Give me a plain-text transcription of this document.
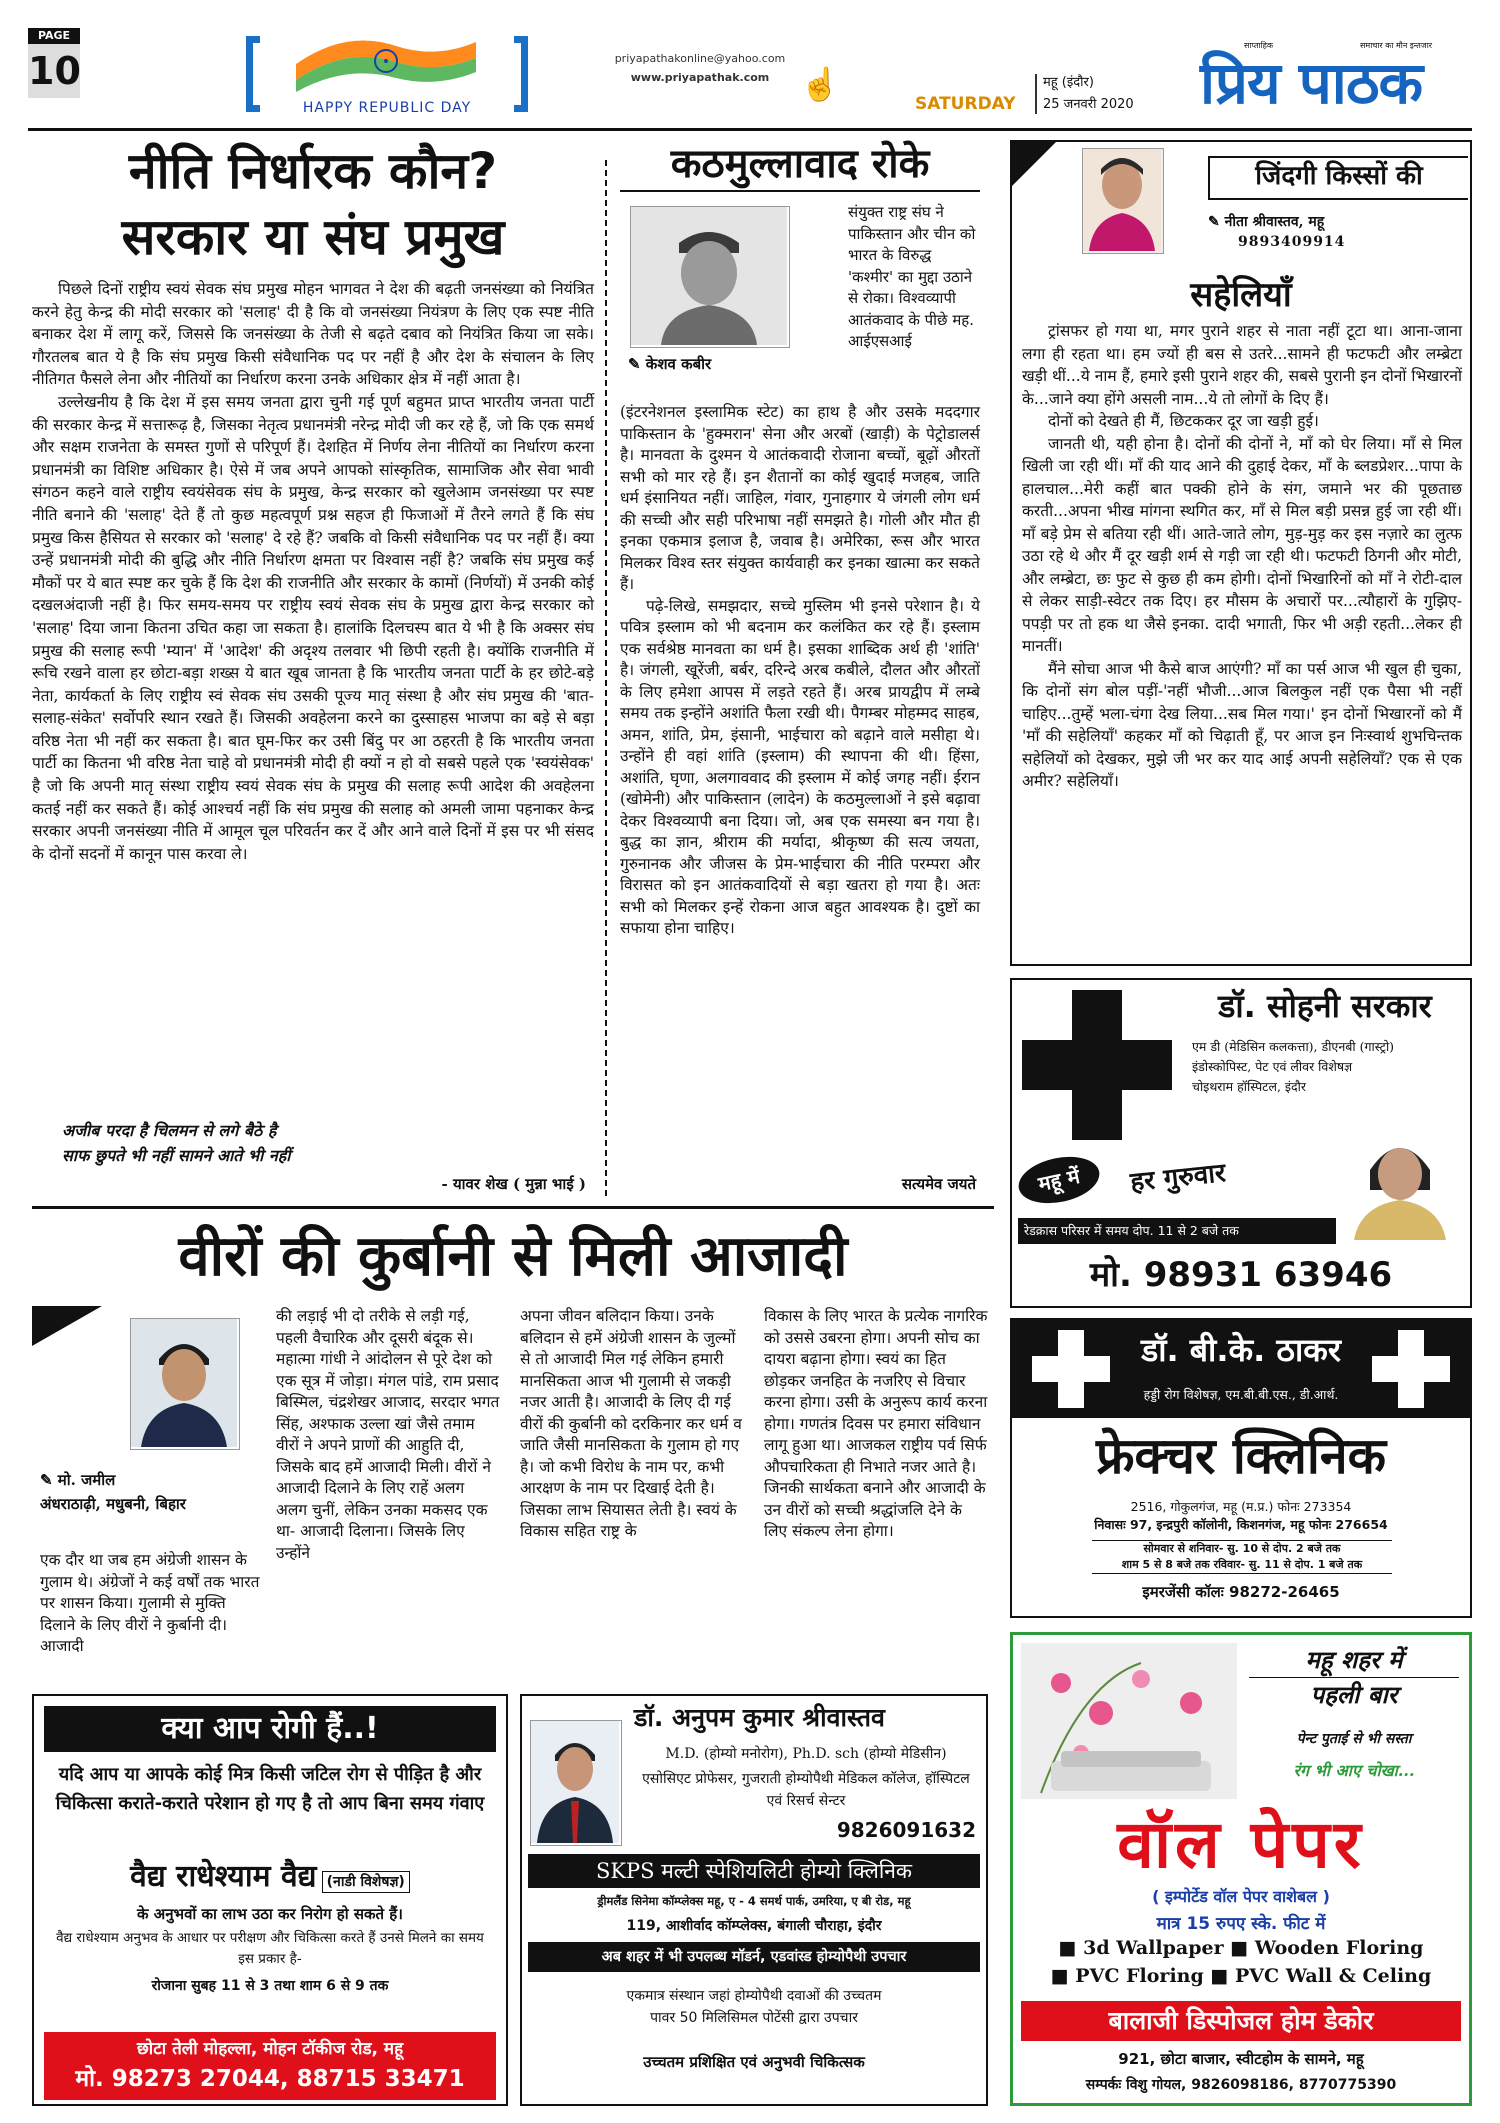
PAGE
10
HAPPY REPUBLIC DAY
priyapathakonline@yahoo.com
www.priyapathak.com ☝
SATURDAY
महू (इंदौर)
25 जनवरी 2020
साप्ताहिक	समाचार का मौन इन्तजार
प्रिय पाठक
नीति निर्धारक कौन?
सरकार या संघ प्रमुख

पिछले दिनों राष्ट्रीय स्वयं सेवक संघ प्रमुख मोहन भागवत ने देश की बढ़ती जनसंख्या को नियंत्रित करने हेतु केन्द्र की मोदी सरकार को 'सलाह' दी है कि वो जनसंख्या नियंत्रण के लिए एक स्पष्ट नीति बनाकर देश में लागू करें, जिससे कि जनसंख्या के तेजी से बढ़ते दबाव को नियंत्रित किया जा सके। गौरतलब बात ये है कि संघ प्रमुख किसी संवैधानिक पद पर नहीं है और देश के संचालन के लिए नीतिगत फैसले लेना और नीतियों का निर्धारण करना उनके अधिकार क्षेत्र में नहीं आता है।

उल्लेखनीय है कि देश में इस समय जनता द्वारा चुनी गई पूर्ण बहुमत प्राप्त भारतीय जनता पार्टी की सरकार केन्द्र में सत्तारूढ़ है, जिसका नेतृत्व प्रधानमंत्री नरेन्द्र मोदी जी कर रहे हैं, जो कि एक समर्थ और सक्षम राजनेता के समस्त गुणों से परिपूर्ण हैं। देशहित में निर्णय लेना नीतियों का निर्धारण करना प्रधानमंत्री का विशिष्ट अधिकार है। ऐसे में जब अपने आपको सांस्कृतिक, सामाजिक और सेवा भावी संगठन कहने वाले राष्ट्रीय स्वयंसेवक संघ के प्रमुख, केन्द्र सरकार को खुलेआम जनसंख्या पर स्पष्ट नीति बनाने की 'सलाह' देते हैं तो कुछ महत्वपूर्ण प्रश्न सहज ही फिजाओं में तैरने लगते हैं कि संघ प्रमुख किस हैसियत से सरकार को 'सलाह' दे रहे हैं? जबकि वो किसी संवैधानिक पद पर नहीं हैं। क्या उन्हें प्रधानमंत्री मोदी की बुद्धि और नीति निर्धारण क्षमता पर विश्वास नहीं है? जबकि संघ प्रमुख कई मौकों पर ये बात स्पष्ट कर चुके हैं कि देश की राजनीति और सरकार के कामों (निर्णयों) में उनकी कोई दखलअंदाजी नहीं है। फिर समय-समय पर राष्ट्रीय स्वयं सेवक संघ के प्रमुख द्वारा केन्द्र सरकार को 'सलाह' दिया जाना कितना उचित कहा जा सकता है। हालांकि दिलचस्प बात ये भी है कि अक्सर संघ प्रमुख की सलाह रूपी 'म्यान' में 'आदेश' की अदृश्य तलवार भी छिपी रहती है। क्योंकि राजनीति में रूचि रखने वाला हर छोटा-बड़ा शख्स ये बात खूब जानता है कि भारतीय जनता पार्टी के हर छोटे-बड़े नेता, कार्यकर्ता के लिए राष्ट्रीय स्वं सेवक संघ उसकी पूज्य मातृ संस्था है और संघ प्रमुख की 'बात-सलाह-संकेत' सर्वोपरि स्थान रखते हैं। जिसकी अवहेलना करने का दुस्साहस भाजपा का बड़े से बड़ा वरिष्ठ नेता भी नहीं कर सकता है। बात घूम-फिर कर उसी बिंदु पर आ ठहरती है कि भारतीय जनता पार्टी का कितना भी वरिष्ठ नेता चाहे वो प्रधानमंत्री मोदी ही क्यों न हो वो सबसे पहले एक 'स्वयंसेवक' है जो कि अपनी मातृ संस्था राष्ट्रीय स्वयं सेवक संघ के प्रमुख की सलाह रूपी आदेश की अवहेलना कतई नहीं कर सकते हैं। कोई आश्चर्य नहीं कि संघ प्रमुख की सलाह को अमली जामा पहनाकर केन्द्र सरकार अपनी जनसंख्या नीति में आमूल चूल परिवर्तन कर दें और आने वाले दिनों में इस पर भी संसद के दोनों सदनों में कानून पास करवा ले।

अजीब परदा है चिलमन से लगे बैठे है
साफ छुपते भी नहीं सामने आते भी नहीं
- यावर शेख ( मुन्ना भाई )
कठमुल्लावाद रोके
✎ केशव कबीर
संयुक्त राष्ट्र संघ ने पाकिस्तान और चीन को भारत के विरुद्ध 'कश्मीर' का मुद्दा उठाने से रोका। विश्वव्यापी आतंकवाद के पीछे मह. आईएसआई

(इंटरनेशनल इस्लामिक स्टेट) का हाथ है और उसके मददगार पाकिस्तान के 'हुक्मरान' सेना और अरबों (खाड़ी) के पेट्रोडालर्स है। मानवता के दुश्मन ये आतंकवादी रोजाना बच्चों, बूढ़ों औरतों सभी को मार रहे हैं। इन शैतानों का कोई खुदाई मजहब, जाति धर्म इंसानियत नहीं। जाहिल, गंवार, गुनाहगार ये जंगली लोग धर्म की सच्ची और सही परिभाषा नहीं समझते है। गोली और मौत ही इनका एकमात्र इलाज है, जवाब है। अमेरिका, रूस और भारत मिलकर विश्व स्तर संयुक्त कार्यवाही कर इनका खात्मा कर सकते हैं।

पढ़े-लिखे, समझदार, सच्चे मुस्लिम भी इनसे परेशान है। ये पवित्र इस्लाम को भी बदनाम कर कलंकित कर रहे हैं। इस्लाम एक सर्वश्रेष्ठ मानवता का धर्म है। इसका शाब्दिक अर्थ ही 'शांति' है। जंगली, खूरेंजी, बर्बर, दरिन्दे अरब कबीले, दौलत और औरतों के लिए हमेशा आपस में लड़ते रहते हैं। अरब प्रायद्वीप में लम्बे समय तक इन्होंने अशांति फैला रखी थी। पैगम्बर मोहम्मद साहब, अमन, शांति, प्रेम, इंसानी, भाईचारा को बढ़ाने वाले मसीहा थे। उन्होंने ही वहां शांति (इस्लाम) की स्थापना की थी। हिंसा, अशांति, घृणा, अलगाववाद की इस्लाम में कोई जगह नहीं। ईरान (खोमेनी) और पाकिस्तान (लादेन) के कठमुल्लाओं ने इसे बढ़ावा देकर विश्वव्यापी बना दिया। जो, अब एक समस्या बन गया है। बुद्ध का ज्ञान, श्रीराम की मर्यादा, श्रीकृष्ण की सत्य जयता, गुरुनानक और जीजस के प्रेम-भाईचारा की नीति परम्परा और विरासत को इन आतंकवादियों से बड़ा खतरा हो गया है। अतः सभी को मिलकर इन्हें रोकना आज बहुत आवश्यक है। दुष्टों का सफाया होना चाहिए।

सत्यमेव जयते
जिंदगी किस्सों की
✎ नीता श्रीवास्तव, महू
9893409914
सहेलियाँ

ट्रांसफर हो गया था, मगर पुराने शहर से नाता नहीं टूटा था। आना-जाना लगा ही रहता था। हम ज्यों ही बस से उतरे...सामने ही फटफटी और लम्ब्रेटा खड़ी थीं...ये नाम हैं, हमारे इसी पुराने शहर की, सबसे पुरानी इन दोनों भिखारनों के...जाने क्या होंगे असली नाम...ये तो लोगों के दिए हैं।

दोनों को देखते ही मैं, छिटककर दूर जा खड़ी हुई।

जानती थी, यही होना है। दोनों की दोनों ने, माँ को घेर लिया। माँ से मिल खिली जा रही थीं। माँ की याद आने की दुहाई देकर, माँ के ब्लडप्रेशर...पापा के हालचाल...मेरी कहीं बात पक्की होने के संग, जमाने भर की पूछताछ करती...अपना भीख मांगना स्थगित कर, माँ से मिल बड़ी प्रसन्न हुई जा रही थीं। माँ बड़े प्रेम से बतिया रही थीं। आते-जाते लोग, मुड़-मुड़ कर इस नज़ारे का लुत्फ उठा रहे थे और मैं दूर खड़ी शर्म से गड़ी जा रही थी। फटफटी ठिगनी और मोटी, और लम्ब्रेटा, छः फुट से कुछ ही कम होगी। दोनों भिखारिनों को माँ ने रोटी-दाल से लेकर साड़ी-स्वेटर तक दिए। हर मौसम के अचारों पर...त्यौहारों के गुझिए-पपड़ी पर तो हक था जैसे इनका. दादी भगाती, फिर भी अड़ी रहती...लेकर ही मानतीं।

मैंने सोचा आज भी कैसे बाज आएंगी? माँ का पर्स आज भी खुल ही चुका, कि दोनों संग बोल पड़ीं-'नहीं भौजी...आज बिलकुल नहीं एक पैसा भी नहीं चाहिए...तुम्हें भला-चंगा देख लिया...सब मिल गया।' इन दोनों भिखारनों को मैं 'माँ की सहेलियाँ' कहकर माँ को चिढ़ाती हूँ, पर आज इन निःस्वार्थ शुभचिन्तक सहेलियों को देखकर, मुझे जी भर कर याद आई अपनी सहेलियाँ? एक से एक अमीर? सहेलियाँ।

डॉ. सोहनी सरकार
एम डी (मेडिसिन कलकत्ता), डीएनबी (गास्ट्रो)
इंडोस्कोपिस्ट, पेट एवं लीवर विशेषज्ञ
चोइथराम हॉस्पिटल, इंदौर
महू में	हर गुरुवार
रेडक्रास परिसर में समय दोप. 11 से 2 बजे तक
मो. 98931 63946
वीरों की कुर्बानी से मिली आजादी
✎ मो. जमील
अंधराठाढ़ी, मधुबनी, बिहार
एक दौर था जब हम अंग्रेजी शासन के गुलाम थे। अंग्रेजों ने कई वर्षों तक भारत पर शासन किया। गुलामी से मुक्ति दिलाने के लिए वीरों ने कुर्बानी दी। आजादी
की लड़ाई भी दो तरीके से लड़ी गई, पहली वैचारिक और दूसरी बंदूक से। महात्मा गांधी ने आंदोलन से पूरे देश को एक सूत्र में जोड़ा। मंगल पांडे, राम प्रसाद बिस्मिल, चंद्रशेखर आजाद, सरदार भगत सिंह, अश्फाक उल्ला खां जैसे तमाम वीरों ने अपने प्राणों की आहुति दी, जिसके बाद हमें आजादी मिली। वीरों ने आजादी दिलाने के लिए राहें अलग अलग चुनीं, लेकिन उनका मकसद एक था- आजादी दिलाना। जिसके लिए उन्होंने
अपना जीवन बलिदान किया। उनके बलिदान से हमें अंग्रेजी शासन के जुल्मों से तो आजादी मिल गई लेकिन हमारी मानसिकता आज भी गुलामी से जकड़ी नजर आती है। आजादी के लिए दी गई वीरों की कुर्बानी को दरकिनार कर धर्म व जाति जैसी मानसिकता के गुलाम हो गए है। जो कभी विरोध के नाम पर, कभी आरक्षण के नाम पर दिखाई देती है।
जिसका लाभ सियासत लेती है। स्वयं के विकास सहित राष्ट्र के
विकास के लिए भारत के प्रत्येक नागरिक को उससे उबरना होगा। अपनी सोच का दायरा बढ़ाना होगा। स्वयं का हित छोड़कर जनहित के नजरिए से विचार करना होगा। उसी के अनुरूप कार्य करना होगा। गणतंत्र दिवस पर हमारा संविधान लागू हुआ था। आजकल राष्ट्रीय पर्व सिर्फ औपचारिकता ही निभाते नजर आते है। जिनकी सार्थकता बनाने और आजादी के उन वीरों को सच्ची श्रद्धांजलि देने के लिए संकल्प लेना होगा।
डॉ. बी.के. ठाकर
हड्डी रोग विशेषज्ञ, एम.बी.बी.एस., डी.आर्थ.
फ्रेक्चर क्लिनिक
2516, गोकुलगंज, महू (म.प्र.) फोनः 273354
निवासः 97, इन्द्रपुरी कॉलोनी, किशनगंज, महू फोनः 276654
सोमवार से शनिवार- सु. 10 से दोप. 2 बजे तक
शाम 5 से 8 बजे तक रविवार- सु. 11 से दोप. 1 बजे तक
इमरजेंसी कॉलः 98272-26465
क्या आप रोगी हैं..!
यदि आप या आपके कोई मित्र किसी जटिल रोग से पीड़ित है और चिकित्सा कराते-कराते परेशान हो गए है तो आप बिना समय गंवाए
वैद्य राधेश्याम वैद्य (नाडी विशेषज्ञ)
के अनुभवों का लाभ उठा कर निरोग हो सकते हैं।
वैद्य राधेश्याम अनुभव के आधार पर परीक्षण और चिकित्सा करते हैं उनसे मिलने का समय इस प्रकार है-
रोजाना सुबह 11 से 3 तथा शाम 6 से 9 तक
छोटा तेली मोहल्ला, मोहन टॉकीज रोड, महू
मो. 98273 27044, 88715 33471
डॉ. अनुपम कुमार श्रीवास्तव
M.D. (होम्यो मनोरोग), Ph.D. sch (होम्यो मेडिसीन)
एसोसिएट प्रोफेसर, गुजराती होम्योपैथी मेडिकल कॉलेज, हॉस्पिटल एवं रिसर्च सेन्टर
9826091632
SKPS मल्टी स्पेशियलिटी होम्यो क्लिनिक
ड्रीमलैंड सिनेमा कॉम्प्लेक्स महू, ए - 4 समर्थ पार्क, उमरिया, ए बी रोड, महू
119, आशीर्वाद कॉम्प्लेक्स, बंगाली चौराहा, इंदौर
अब शहर में भी उपलब्ध मॉडर्न, एडवांस्ड होम्योपैथी उपचार
एकमात्र संस्थान जहां होम्योपैथी दवाओं की उच्चतम
पावर 50 मिलिसिमल पोटेंसी द्वारा उपचार
उच्चतम प्रशिक्षित एवं अनुभवी चिकित्सक
महू शहर में
पहली बार
पेन्ट पुताई से भी सस्ता
रंग भी आए चोखा...
वॉल पेपर
( इम्पोर्टेड वॉल पेपर वाशेबल )
मात्र 15 रुपए स्के. फीट में
■ 3d Wallpaper ■ Wooden Floring
■ PVC Floring ■ PVC Wall & Celing
बालाजी डिस्पोजल होम डेकोर
921, छोटा बाजार, स्वीटहोम के सामने, महू
सम्पर्कः विशु गोयल, 9826098186, 8770775390
